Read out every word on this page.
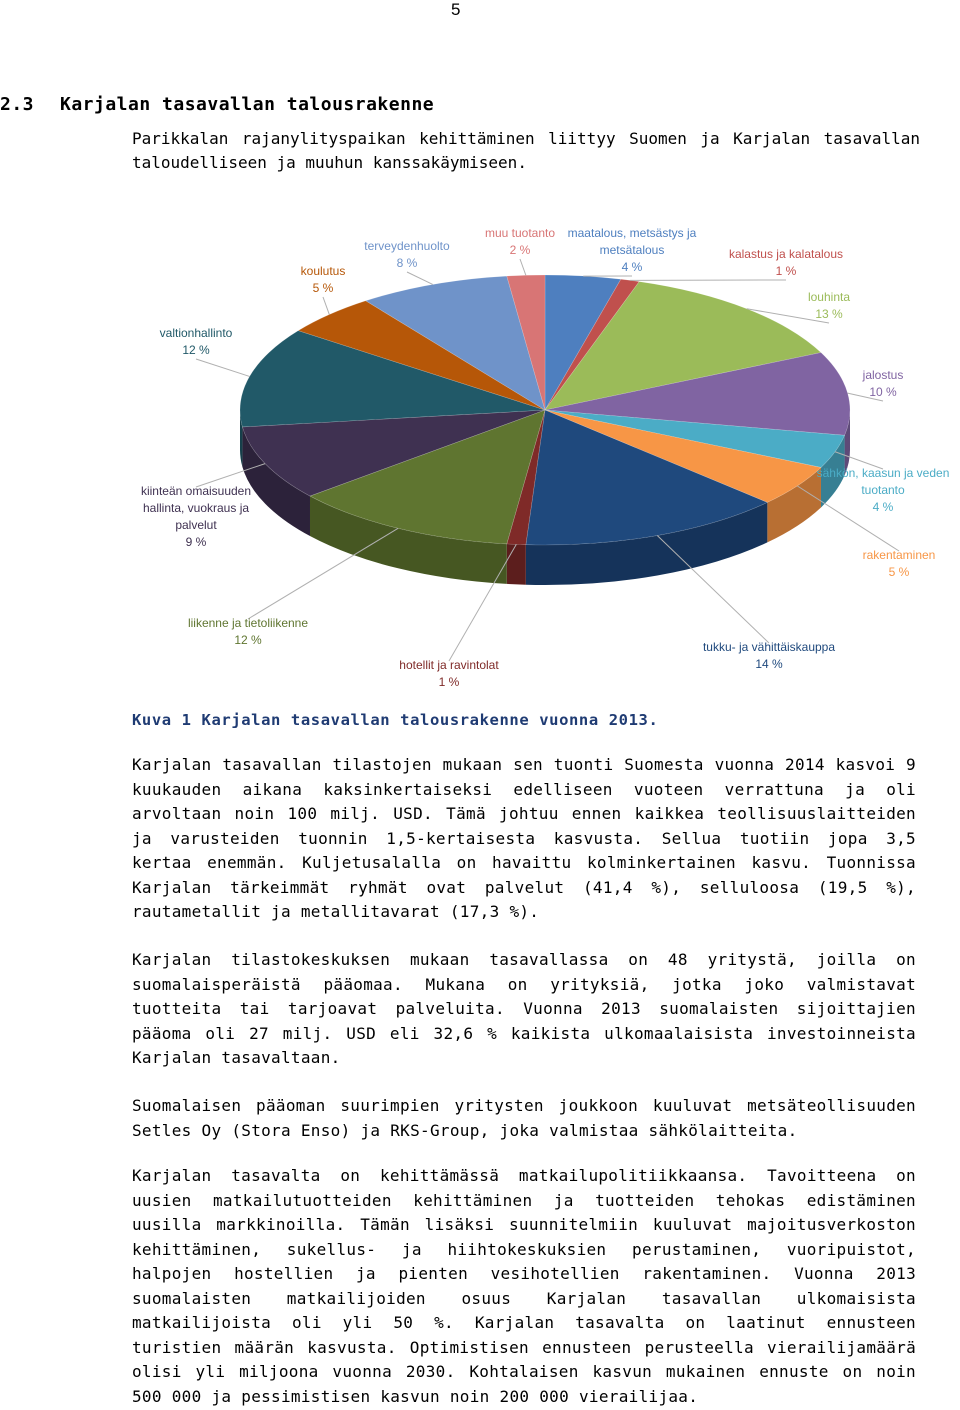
5
2.3 Karjalan tasavallan talousrakenne
Parikkalan rajanylityspaikan kehittäminen liittyy Suomen ja Karjalan tasavallan taloudelliseen ja muuhun kanssakäymiseen.
maatalous, metsästys ja metsätalous 4 %
kalastus ja kalatalous 1 %
louhinta 13 %
jalostus 10 %
sähkön, kaasun ja veden tuotanto 4 %
rakentaminen 5 %
tukku- ja vähittäiskauppa 14 %
hotellit ja ravintolat 1 %
liikenne ja tietoliikenne 12 %
kiinteän omaisuuden hallinta, vuokraus ja palvelut 9 %
valtionhallinto 12 %
koulutus 5 %
terveydenhuolto 8 %
muu tuotanto 2 %
Kuva 1 Karjalan tasavallan talousrakenne vuonna 2013.
Karjalan tasavallan tilastojen mukaan sen tuonti Suomesta vuonna 2014 kasvoi 9 kuukauden aikana kaksinkertaiseksi edelliseen vuoteen verrattuna ja oli arvoltaan noin 100 milj. USD. Tämä johtuu ennen kaikkea teollisuuslaitteiden ja varusteiden tuonnin 1,5-kertaisesta kasvusta. Sellua tuotiin jopa 3,5 kertaa enemmän. Kuljetusalalla on havaittu kolminkertainen kasvu. Tuonnissa Karjalan tärkeimmät ryhmät ovat palvelut (41,4 %), selluloosa (19,5 %), rautametallit ja metallitavarat (17,3 %).
Karjalan tilastokeskuksen mukaan tasavallassa on 48 yritystä, joilla on suomalaisperäistä pääomaa. Mukana on yrityksiä, jotka joko valmistavat tuotteita tai tarjoavat palveluita. Vuonna 2013 suomalaisten sijoittajien pääoma oli 27 milj. USD eli 32,6 % kaikista ulkomaalaisista investoinneista Karjalan tasavaltaan.
Suomalaisen pääoman suurimpien yritysten joukkoon kuuluvat metsäteollisuuden Setles Oy (Stora Enso) ja RKS-Group, joka valmistaa sähkölaitteita.
Karjalan tasavalta on kehittämässä matkailupolitiikkaansa. Tavoitteena on uusien matkailutuotteiden kehittäminen ja tuotteiden tehokas edistäminen uusilla markkinoilla. Tämän lisäksi suunnitelmiin kuuluvat majoitusverkoston kehittäminen, sukellus- ja hiihtokeskuksien perustaminen, vuoripuistot, halpojen hostellien ja pienten vesihotellien rakentaminen. Vuonna 2013 suomalaisten matkailijoiden osuus Karjalan tasavallan ulkomaisista matkailijoista oli yli 50 %. Karjalan tasavalta on laatinut ennusteen turistien määrän kasvusta. Optimistisen ennusteen perusteella vierailijamäärä olisi yli miljoona vuonna 2030. Kohtalaisen kasvun mukainen ennuste on noin 500 000 ja pessimistisen kasvun noin 200 000 vierailijaa.
